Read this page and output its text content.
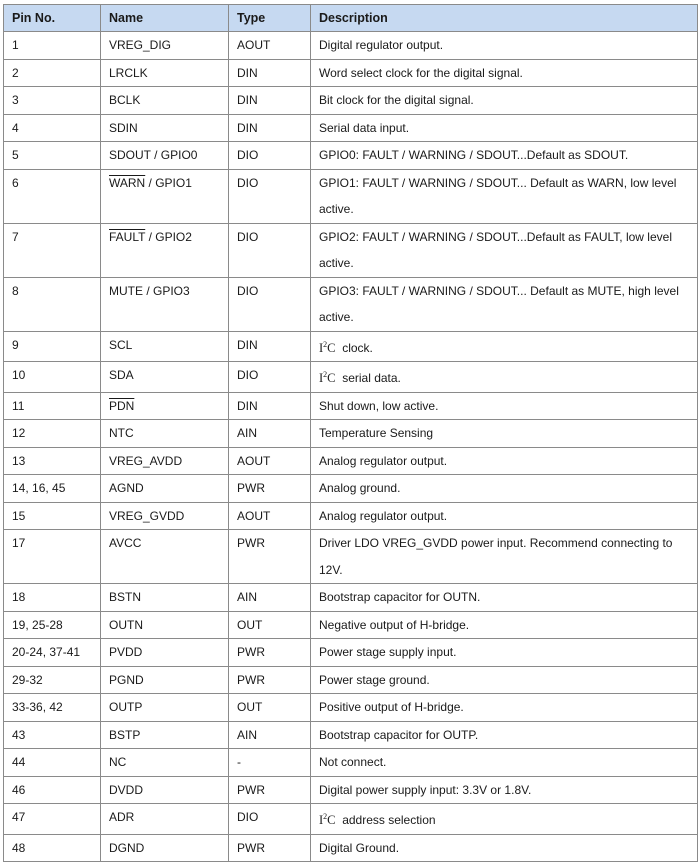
Pin No.	Name	Type	Description
1	VREG_DIG	AOUT	Digital regulator output.
2	LRCLK	DIN	Word select clock for the digital signal.
3	BCLK	DIN	Bit clock for the digital signal.
4	SDIN	DIN	Serial data input.
5	SDOUT / GPIO0	DIO	GPIO0: FAULT / WARNING / SDOUT...Default as SDOUT.
6	WARN / GPIO1	DIO	GPIO1: FAULT / WARNING / SDOUT... Default as WARN, low level active.
7	FAULT / GPIO2	DIO	GPIO2: FAULT / WARNING / SDOUT...Default as FAULT, low level active.
8	MUTE / GPIO3	DIO	GPIO3: FAULT / WARNING / SDOUT... Default as MUTE, high level active.
9	SCL	DIN	$I^2C$ clock.
10	SDA	DIO	$I^2C$ serial data.
11	$\overline{PDN}$	DIN	Shut down, low active.
12	NTC	AIN	Temperature Sensing
13	VREG_AVDD	AOUT	Analog regulator output.
14, 16, 45	AGND	PWR	Analog ground.
15	VREG_GVDD	AOUT	Analog regulator output.
17	AVCC	PWR	Driver LDO VREG_GVDD power input. Recommend connecting to 12V.
18	BSTN	AIN	Bootstrap capacitor for OUTN.
19, 25-28	OUTN	OUT	Negative output of H-bridge.
20-24, 37-41	PVDD	PWR	Power stage supply input.
29-32	PGND	PWR	Power stage ground.
33-36, 42	OUTP	OUT	Positive output of H-bridge.
43	BSTP	AIN	Bootstrap capacitor for OUTP.
44	NC	-	Not connect.
46	DVDD	PWR	Digital power supply input: 3.3V or 1.8V.
47	ADR	DIO	$I^2C$ address selection
48	DGND	PWR	Digital Ground.
